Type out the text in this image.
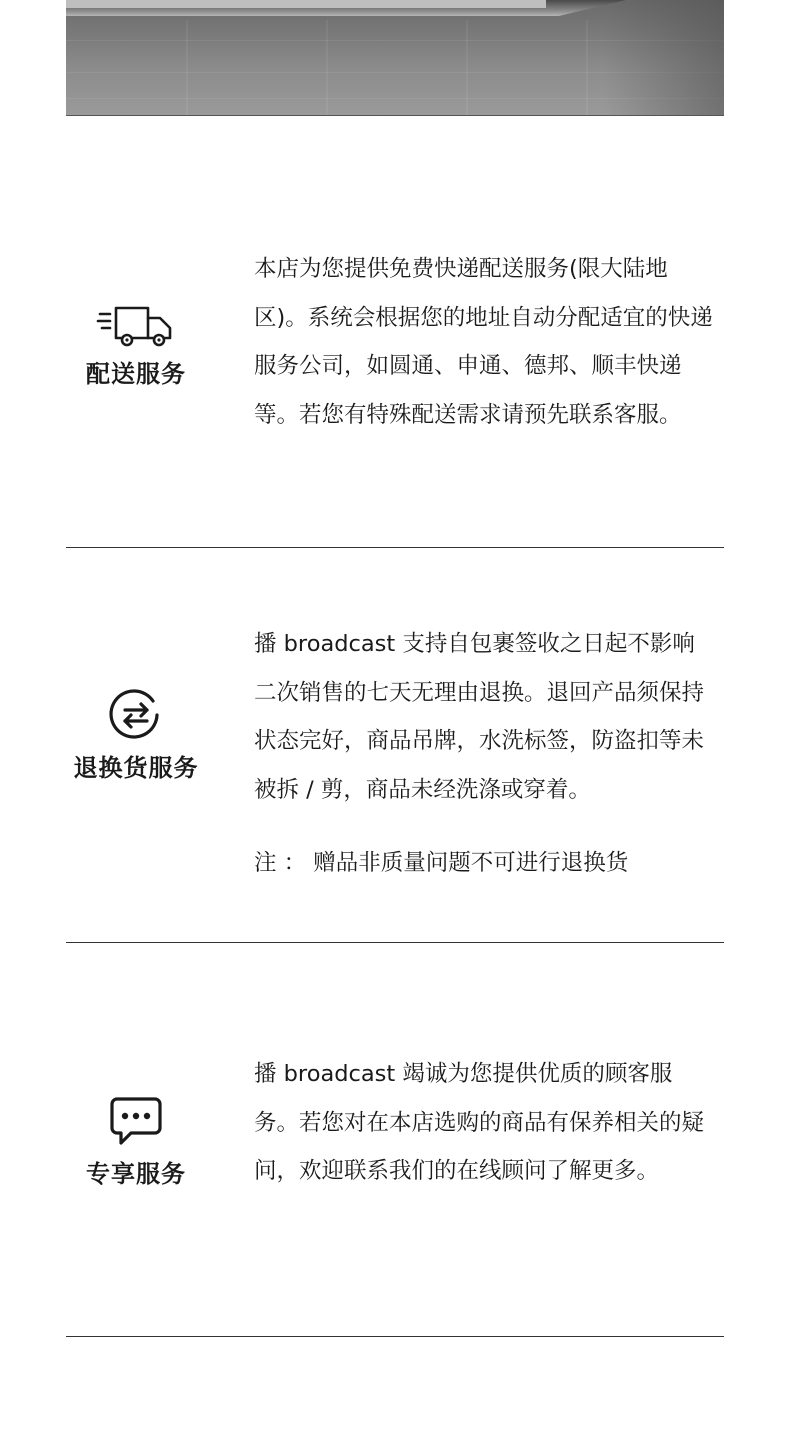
配送服务

本店为您提供免费快递配送服务(限大陆地区)。系统会根据您的地址自动分配适宜的快递服务公司，如圆通、申通、德邦、顺丰快递等。若您有特殊配送需求请预先联系客服。

退换货服务

播 broadcast 支持自包裹签收之日起不影响二次销售的七天无理由退换。退回产品须保持状态完好，商品吊牌，水洗标签，防盗扣等未被拆 / 剪，商品未经洗涤或穿着。

注 ： 赠品非质量问题不可进行退换货

专享服务

播 broadcast 竭诚为您提供优质的顾客服务。若您对在本店选购的商品有保养相关的疑问，欢迎联系我们的在线顾问了解更多。
